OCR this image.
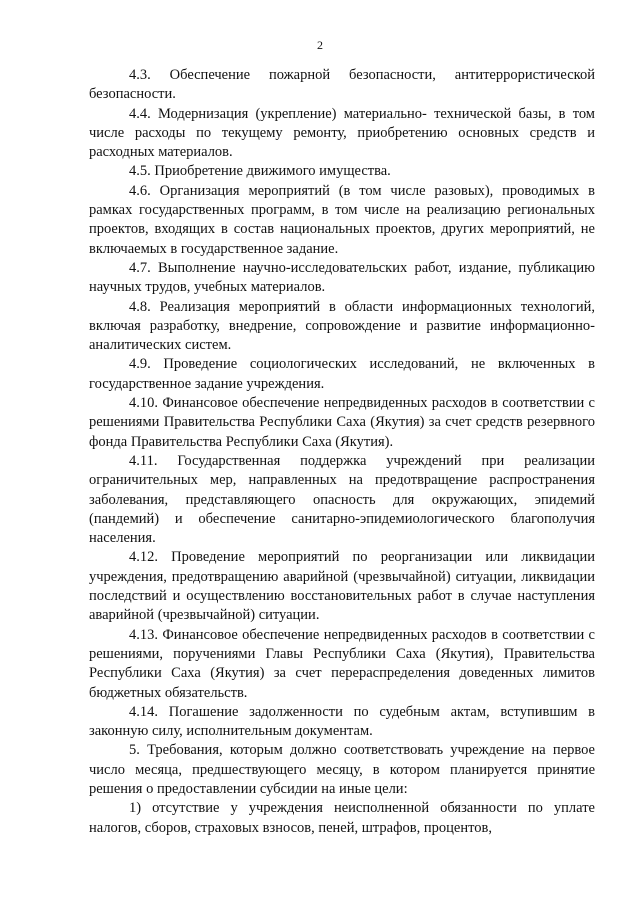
2

4.3. Обеспечение пожарной безопасности, антитеррористической безопасности.

4.4. Модернизация (укрепление) материально- технической базы, в том числе расходы по текущему ремонту, приобретению основных средств и расходных материалов.

4.5. Приобретение движимого имущества.

4.6. Организация мероприятий (в том числе разовых), проводимых в рамках государственных программ, в том числе на реализацию региональных проектов, входящих в состав национальных проектов, других мероприятий, не включаемых в государственное задание.

4.7. Выполнение научно-исследовательских работ, издание, публикацию научных трудов, учебных материалов.

4.8. Реализация мероприятий в области информационных технологий, включая разработку, внедрение, сопровождение и развитие информационно-аналитических систем.

4.9. Проведение социологических исследований, не включенных в государственное задание учреждения.

4.10. Финансовое обеспечение непредвиденных расходов в соответствии с решениями Правительства Республики Саха (Якутия) за счет средств резервного фонда Правительства Республики Саха (Якутия).

4.11. Государственная поддержка учреждений при реализации ограничительных мер, направленных на предотвращение распространения заболевания, представляющего опасность для окружающих, эпидемий (пандемий) и обеспечение санитарно-эпидемиологического благополучия населения.

4.12. Проведение мероприятий по реорганизации или ликвидации учреждения, предотвращению аварийной (чрезвычайной) ситуации, ликвидации последствий и осуществлению восстановительных работ в случае наступления аварийной (чрезвычайной) ситуации.

4.13. Финансовое обеспечение непредвиденных расходов в соответствии с решениями, поручениями Главы Республики Саха (Якутия), Правительства Республики Саха (Якутия) за счет перераспределения доведенных лимитов бюджетных обязательств.

4.14. Погашение задолженности по судебным актам, вступившим в законную силу, исполнительным документам.

5. Требования, которым должно соответствовать учреждение на первое число месяца, предшествующего месяцу, в котором планируется принятие решения о предоставлении субсидии на иные цели:

1) отсутствие у учреждения неисполненной обязанности по уплате налогов, сборов, страховых взносов, пеней, штрафов, процентов,
